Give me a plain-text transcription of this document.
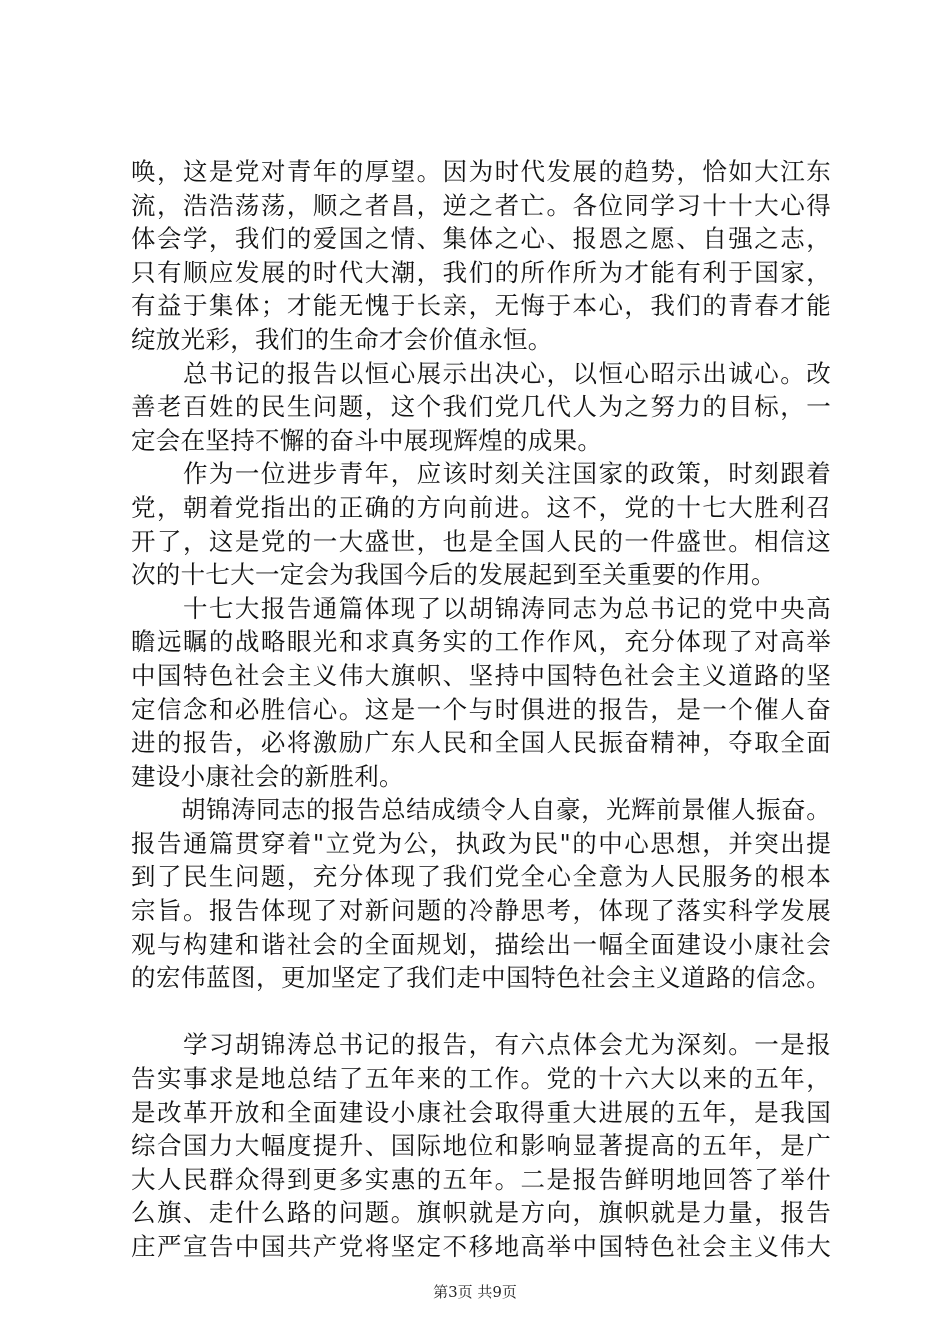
唤，这是党对青年的厚望。因为时代发展的趋势，恰如大江东
流，浩浩荡荡，顺之者昌，逆之者亡。各位同学习十十大心得
体会学，我们的爱国之情、集体之心、报恩之愿、自强之志，
只有顺应发展的时代大潮，我们的所作所为才能有利于国家，
有益于集体；才能无愧于长亲，无悔于本心，我们的青春才能
绽放光彩，我们的生命才会价值永恒。

　　总书记的报告以恒心展示出决心，以恒心昭示出诚心。改
善老百姓的民生问题，这个我们党几代人为之努力的目标，一
定会在坚持不懈的奋斗中展现辉煌的成果。

　　作为一位进步青年，应该时刻关注国家的政策，时刻跟着
党，朝着党指出的正确的方向前进。这不，党的十七大胜利召
开了，这是党的一大盛世，也是全国人民的一件盛世。相信这
次的十七大一定会为我国今后的发展起到至关重要的作用。

　　十七大报告通篇体现了以胡锦涛同志为总书记的党中央高
瞻远瞩的战略眼光和求真务实的工作作风，充分体现了对高举
中国特色社会主义伟大旗帜、坚持中国特色社会主义道路的坚
定信念和必胜信心。这是一个与时俱进的报告，是一个催人奋
进的报告，必将激励广东人民和全国人民振奋精神，夺取全面
建设小康社会的新胜利。

　　胡锦涛同志的报告总结成绩令人自豪，光辉前景催人振奋。
报告通篇贯穿着"立党为公，执政为民"的中心思想，并突出提
到了民生问题，充分体现了我们党全心全意为人民服务的根本
宗旨。报告体现了对新问题的冷静思考，体现了落实科学发展
观与构建和谐社会的全面规划，描绘出一幅全面建设小康社会
的宏伟蓝图，更加坚定了我们走中国特色社会主义道路的信念。

　　学习胡锦涛总书记的报告，有六点体会尤为深刻。一是报
告实事求是地总结了五年来的工作。党的十六大以来的五年，
是改革开放和全面建设小康社会取得重大进展的五年，是我国
综合国力大幅度提升、国际地位和影响显著提高的五年，是广
大人民群众得到更多实惠的五年。二是报告鲜明地回答了举什
么旗、走什么路的问题。旗帜就是方向，旗帜就是力量，报告
庄严宣告中国共产党将坚定不移地高举中国特色社会主义伟大

第3页 共9页
